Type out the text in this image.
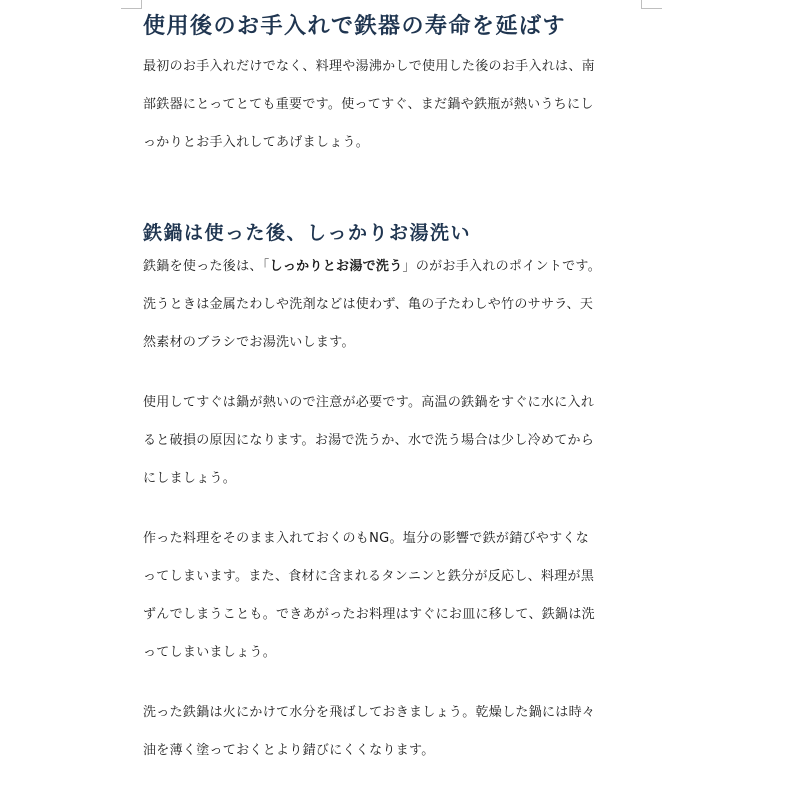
使用後のお手入れで鉄器の寿命を延ばす

最初のお手入れだけでなく、料理や湯沸かしで使用した後のお手入れは、南
部鉄器にとってとても重要です。使ってすぐ、まだ鍋や鉄瓶が熱いうちにし
っかりとお手入れしてあげましょう。

鉄鍋は使った後、しっかりお湯洗い

鉄鍋を使った後は、「しっかりとお湯で洗う」のがお手入れのポイントです。
洗うときは金属たわしや洗剤などは使わず、亀の子たわしや竹のササラ、天
然素材のブラシでお湯洗いします。

使用してすぐは鍋が熱いので注意が必要です。高温の鉄鍋をすぐに水に入れ
ると破損の原因になります。お湯で洗うか、水で洗う場合は少し冷めてから
にしましょう。

作った料理をそのまま入れておくのもNG。塩分の影響で鉄が錆びやすくな
ってしまいます。また、食材に含まれるタンニンと鉄分が反応し、料理が黒
ずんでしまうことも。できあがったお料理はすぐにお皿に移して、鉄鍋は洗
ってしまいましょう。

洗った鉄鍋は火にかけて水分を飛ばしておきましょう。乾燥した鍋には時々
油を薄く塗っておくとより錆びにくくなります。
